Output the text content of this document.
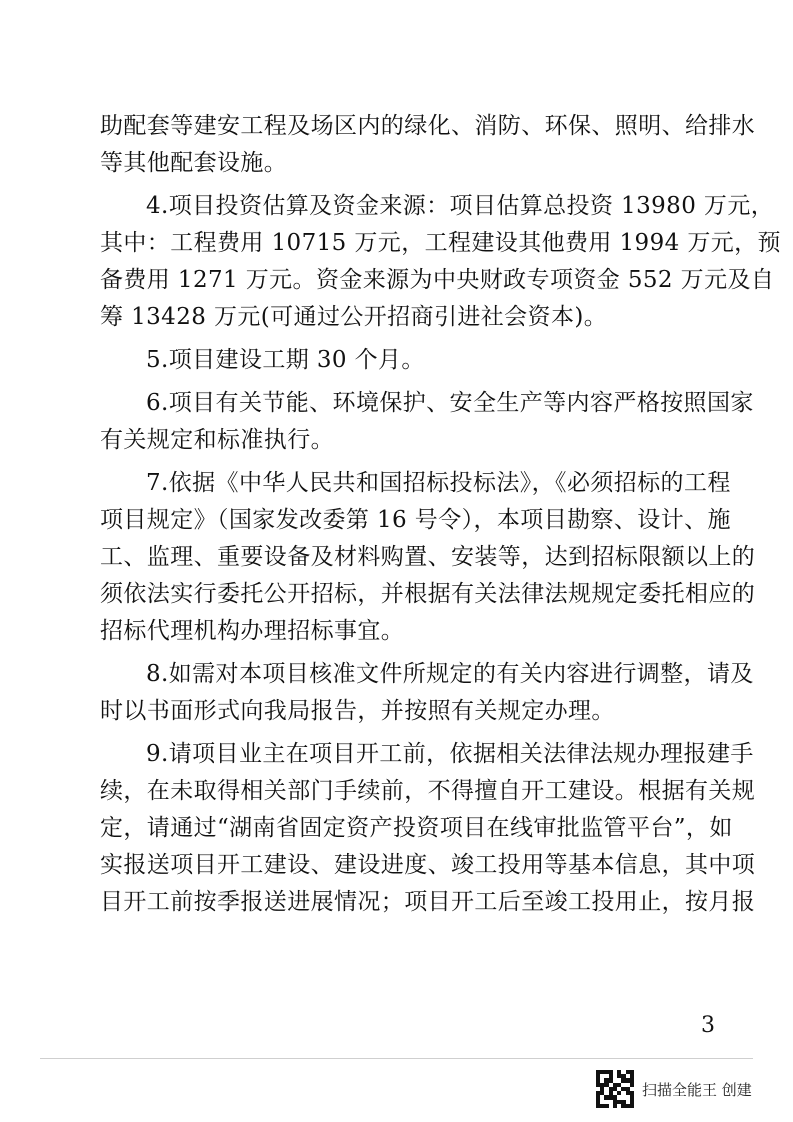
助配套等建安工程及场区内的绿化、消防、环保、照明、给排水
等其他配套设施。
4.项目投资估算及资金来源：项目估算总投资 13980 万元，
其中：工程费用 10715 万元，工程建设其他费用 1994 万元，预
备费用 1271 万元。资金来源为中央财政专项资金 552 万元及自
筹 13428 万元(可通过公开招商引进社会资本)。
5.项目建设工期 30 个月。
6.项目有关节能、环境保护、安全生产等内容严格按照国家
有关规定和标准执行。
7.依据《中华人民共和国招标投标法》，《必须招标的工程
项目规定》（国家发改委第 16 号令），本项目勘察、设计、施
工、监理、重要设备及材料购置、安装等，达到招标限额以上的
须依法实行委托公开招标，并根据有关法律法规规定委托相应的
招标代理机构办理招标事宜。
8.如需对本项目核准文件所规定的有关内容进行调整，请及
时以书面形式向我局报告，并按照有关规定办理。
9.请项目业主在项目开工前，依据相关法律法规办理报建手
续，在未取得相关部门手续前，不得擅自开工建设。根据有关规
定，请通过“湖南省固定资产投资项目在线审批监管平台”，如
实报送项目开工建设、建设进度、竣工投用等基本信息，其中项
目开工前按季报送进展情况；项目开工后至竣工投用止，按月报
3
扫描全能王 创建
